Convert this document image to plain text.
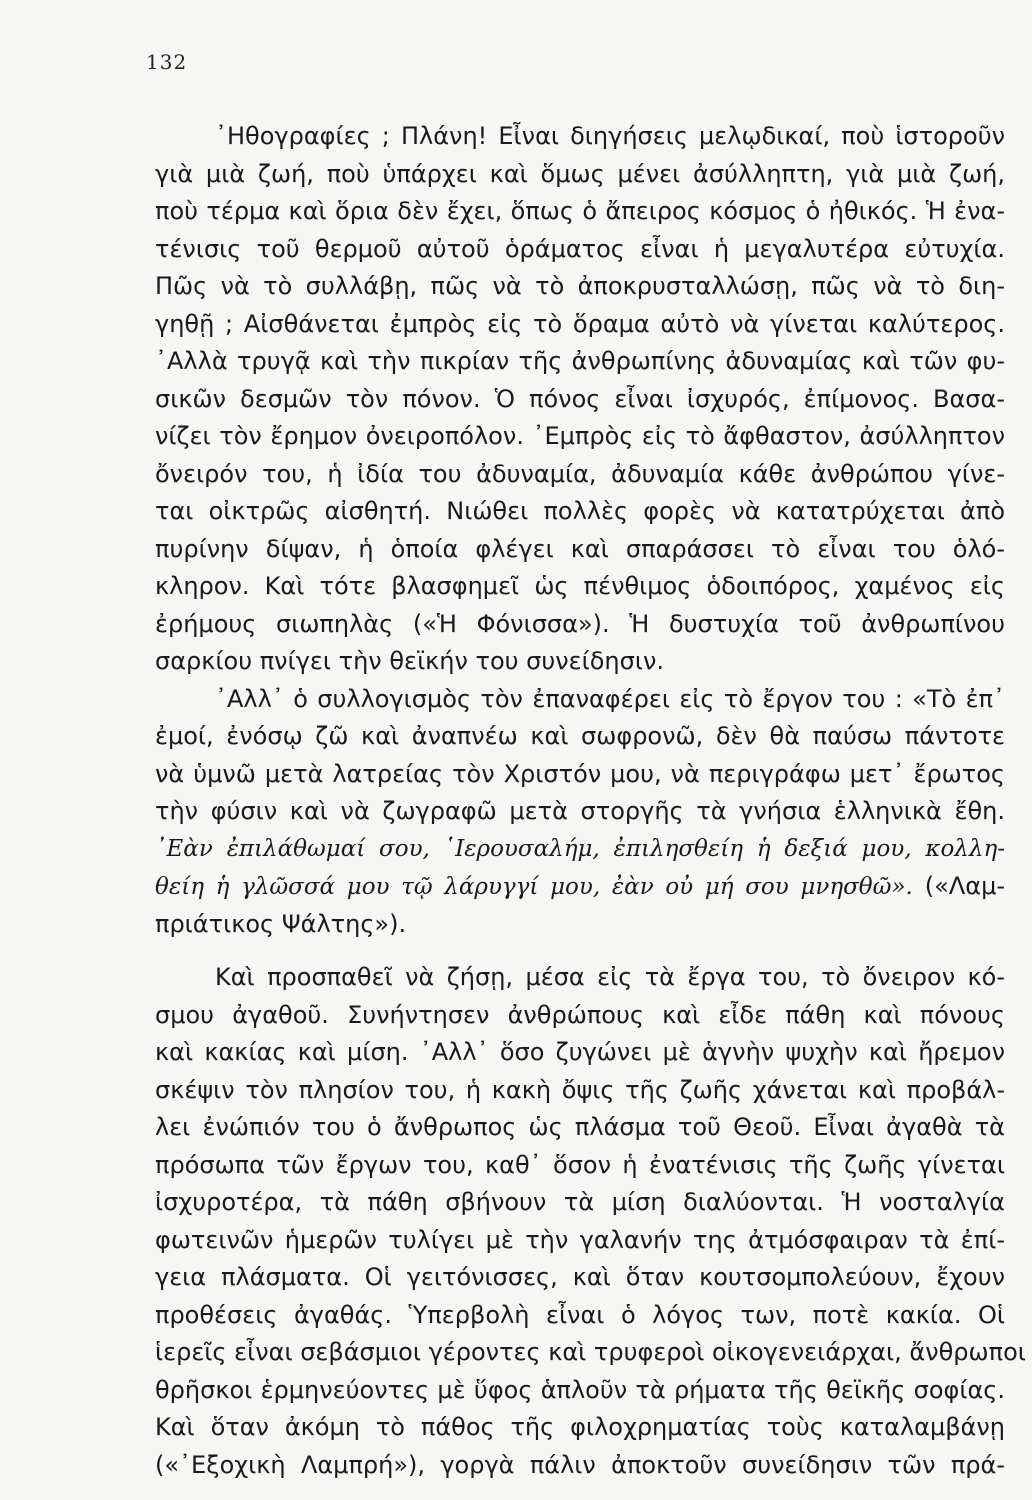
132
᾿Ηθογραφίες ; Πλάνη! Εἶναι διηγήσεις μελῳδικαί, ποὺ ἱστοροῦν
γιὰ μιὰ ζωή, ποὺ ὑπάρχει καὶ ὅμως μένει ἀσύλληπτη, γιὰ μιὰ ζωή,
ποὺ τέρμα καὶ ὅρια δὲν ἔχει, ὅπως ὁ ἄπειρος κόσμος ὁ ἠθικός. Ἡ ἐνα-
τένισις τοῦ θερμοῦ αὐτοῦ ὁράματος εἶναι ἡ μεγαλυτέρα εὐτυχία.
Πῶς νὰ τὸ συλλάβῃ, πῶς νὰ τὸ ἀποκρυσταλλώσῃ, πῶς νὰ τὸ διη-
γηθῇ ; Αἰσθάνεται ἐμπρὸς εἰς τὸ ὅραμα αὐτὸ νὰ γίνεται καλύτερος.
᾿Αλλὰ τρυγᾷ καὶ τὴν πικρίαν τῆς ἀνθρωπίνης ἀδυναμίας καὶ τῶν φυ-
σικῶν δεσμῶν τὸν πόνον. Ὁ πόνος εἶναι ἰσχυρός, ἐπίμονος. Βασα-
νίζει τὸν ἔρημον ὀνειροπόλον. ᾿Εμπρὸς εἰς τὸ ἄφθαστον, ἀσύλληπτον
ὄνειρόν του, ἡ ἰδία του ἀδυναμία, ἀδυναμία κάθε ἀνθρώπου γίνε-
ται οἰκτρῶς αἰσθητή. Νιώθει πολλὲς φορὲς νὰ κατατρύχεται ἀπὸ
πυρίνην δίψαν, ἡ ὁποία φλέγει καὶ σπαράσσει τὸ εἶναι του ὁλό-
κληρον. Καὶ τότε βλασφημεῖ ὡς πένθιμος ὁδοιπόρος, χαμένος εἰς
ἐρήμους σιωπηλὰς («Ἡ Φόνισσα»). Ἡ δυστυχία τοῦ ἀνθρωπίνου
σαρκίου πνίγει τὴν θεϊκήν του συνείδησιν.
᾿Αλλ᾿ ὁ συλλογισμὸς τὸν ἐπαναφέρει εἰς τὸ ἔργον του : «Τὸ ἐπ᾿
ἐμοί, ἐνόσῳ ζῶ καὶ ἀναπνέω καὶ σωφρονῶ, δὲν θὰ παύσω πάντοτε
νὰ ὑμνῶ μετὰ λατρείας τὸν Χριστόν μου, νὰ περιγράφω μετ᾿ ἔρωτος
τὴν φύσιν καὶ νὰ ζωγραφῶ μετὰ στοργῆς τὰ γνήσια ἑλληνικὰ ἔθη.
᾿Εὰν ἐπιλάθωμαί σου, ῾Ιερουσαλήμ, ἐπιλησθείη ἡ δεξιά μου, κολλη-
θείη ἡ γλῶσσά μου τῷ λάρυγγί μου, ἐὰν οὐ μή σου μνησθῶ». («Λαμ-
πριάτικος Ψάλτης»).
Καὶ προσπαθεῖ νὰ ζήσῃ, μέσα εἰς τὰ ἔργα του, τὸ ὄνειρον κό-
σμου ἀγαθοῦ. Συνήντησεν ἀνθρώπους καὶ εἶδε πάθη καὶ πόνους
καὶ κακίας καὶ μίση. ᾿Αλλ᾿ ὅσο ζυγώνει μὲ ἁγνὴν ψυχὴν καὶ ἤρεμον
σκέψιν τὸν πλησίον του, ἡ κακὴ ὄψις τῆς ζωῆς χάνεται καὶ προβάλ-
λει ἐνώπιόν του ὁ ἄνθρωπος ὡς πλάσμα τοῦ Θεοῦ. Εἶναι ἀγαθὰ τὰ
πρόσωπα τῶν ἔργων του, καθ᾿ ὅσον ἡ ἐνατένισις τῆς ζωῆς γίνεται
ἰσχυροτέρα, τὰ πάθη σβήνουν τὰ μίση διαλύονται. Ἡ νοσταλγία
φωτεινῶν ἡμερῶν τυλίγει μὲ τὴν γαλανήν της ἀτμόσφαιραν τὰ ἐπί-
γεια πλάσματα. Οἱ γειτόνισσες, καὶ ὅταν κουτσομπολεύουν, ἔχουν
προθέσεις ἀγαθάς. Ὑπερβολὴ εἶναι ὁ λόγος των, ποτὲ κακία. Οἱ
ἱερεῖς εἶναι σεβάσμιοι γέροντες καὶ τρυφεροὶ οἰκογενειάρχαι, ἄνθρωποι
θρῆσκοι ἑρμηνεύοντες μὲ ὕφος ἁπλοῦν τὰ ρήματα τῆς θεϊκῆς σοφίας.
Καὶ ὅταν ἀκόμη τὸ πάθος τῆς φιλοχρηματίας τοὺς καταλαμβάνῃ
(«᾿Εξοχικὴ Λαμπρή»), γοργὰ πάλιν ἀποκτοῦν συνείδησιν τῶν πρά-
